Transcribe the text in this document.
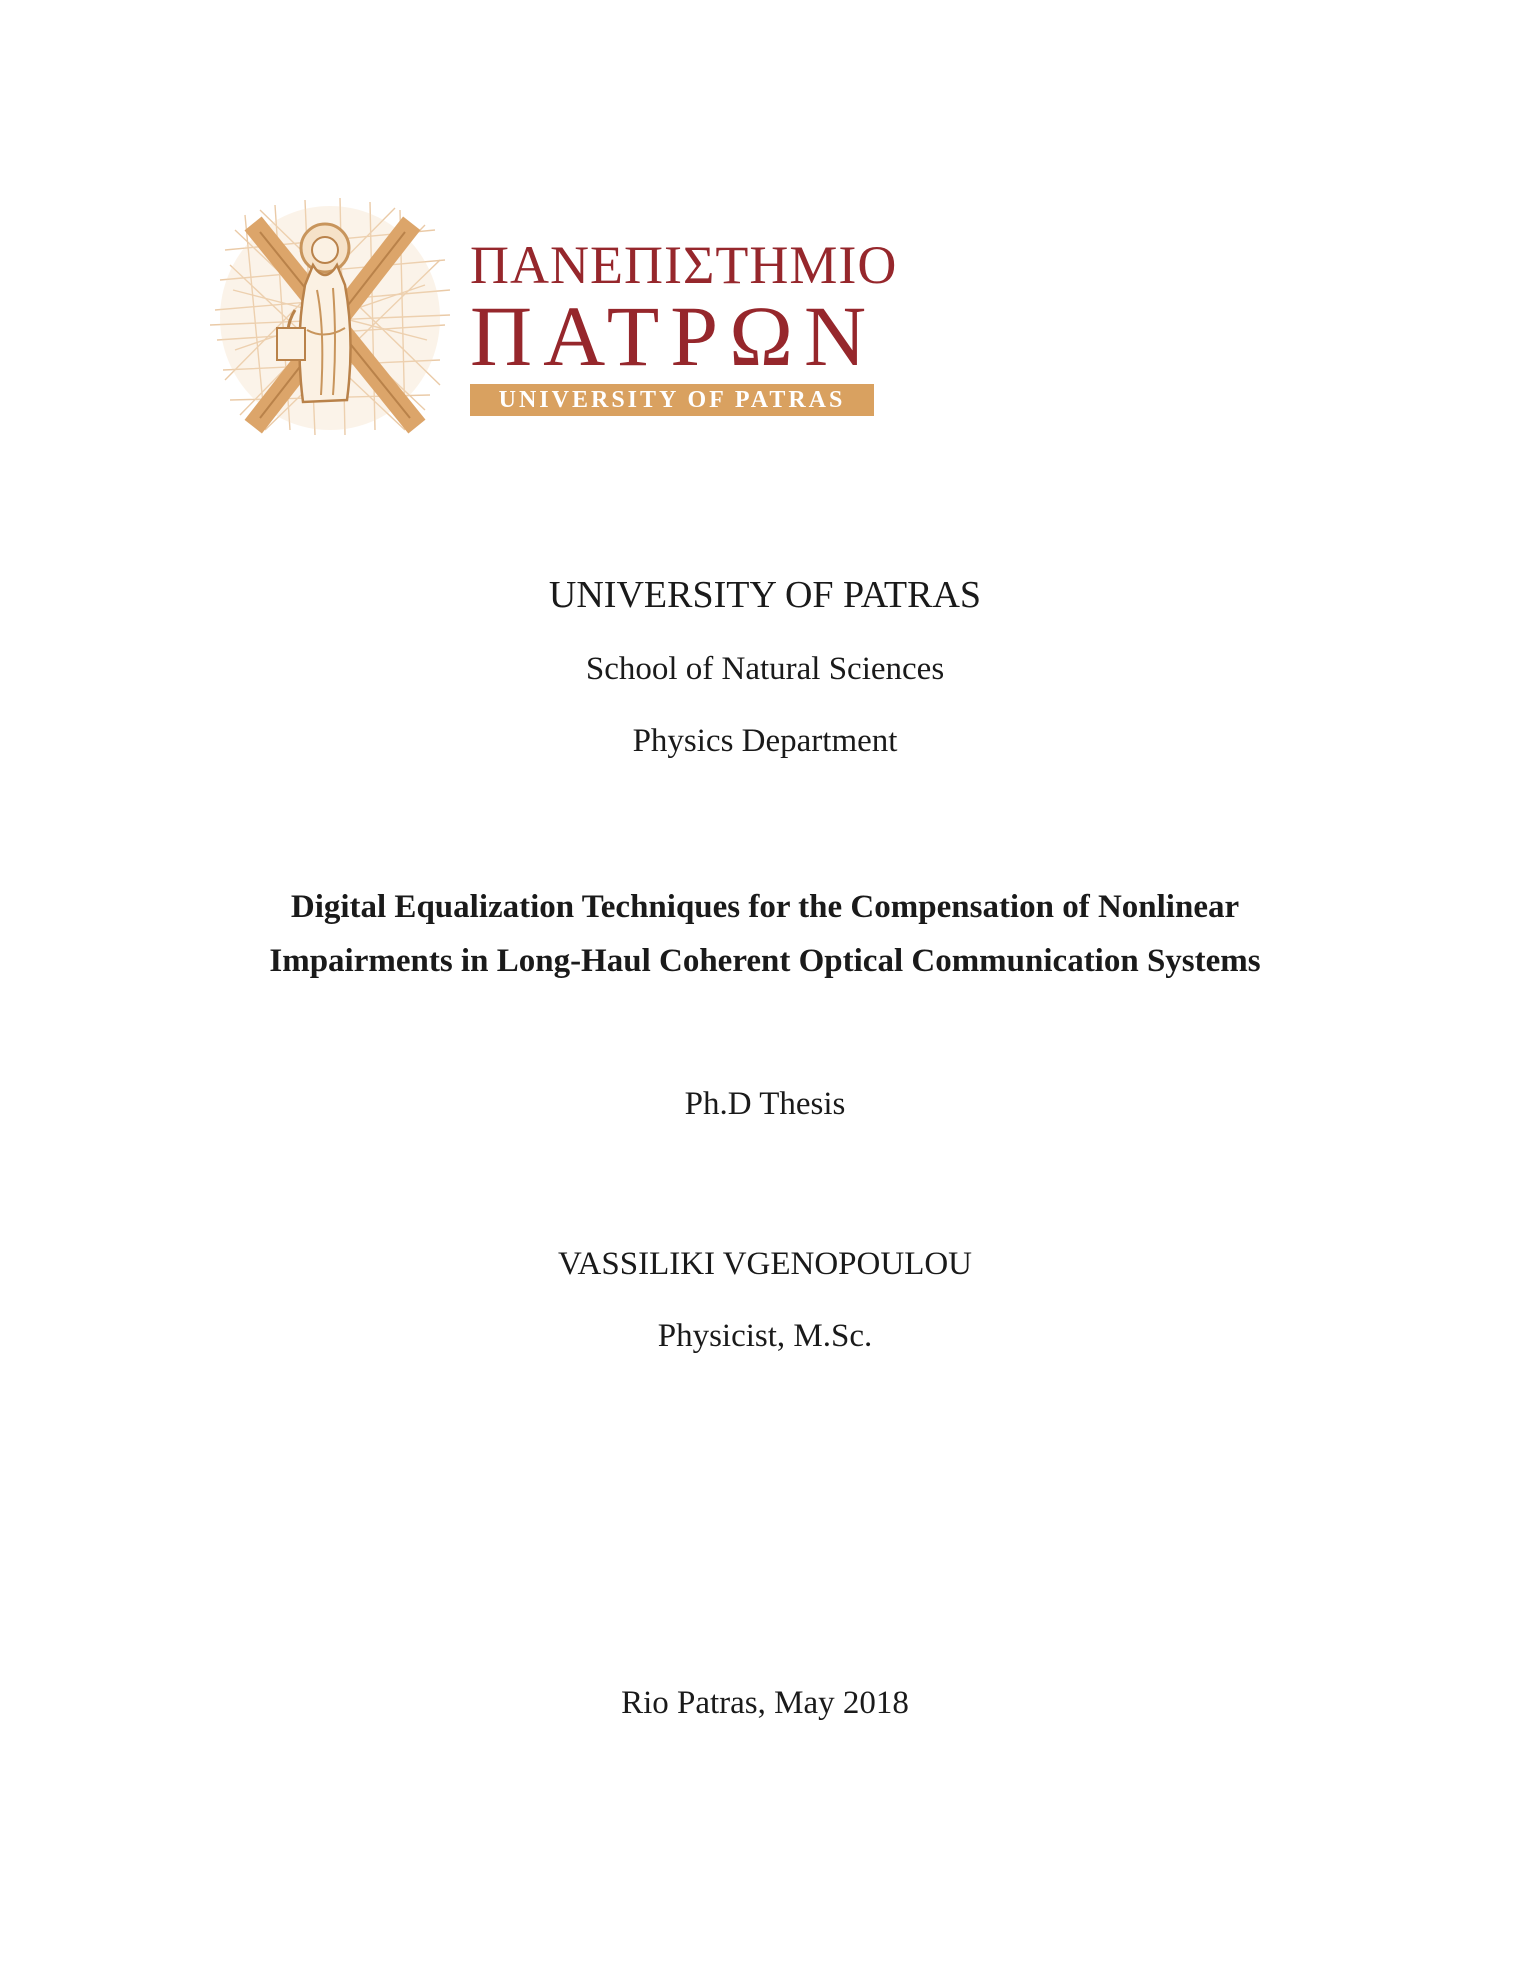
ΠΑΝΕΠΙΣΤΗΜΙΟ
ΠΑΤΡΩΝ
UNIVERSITY OF PATRAS
UNIVERSITY OF PATRAS
School of Natural Sciences
Physics Department
Digital Equalization Techniques for the Compensation of Nonlinear
Impairments in Long-Haul Coherent Optical Communication Systems
Ph.D Thesis
VASSILIKI VGENOPOULOU
Physicist, M.Sc.
Rio Patras, May 2018
